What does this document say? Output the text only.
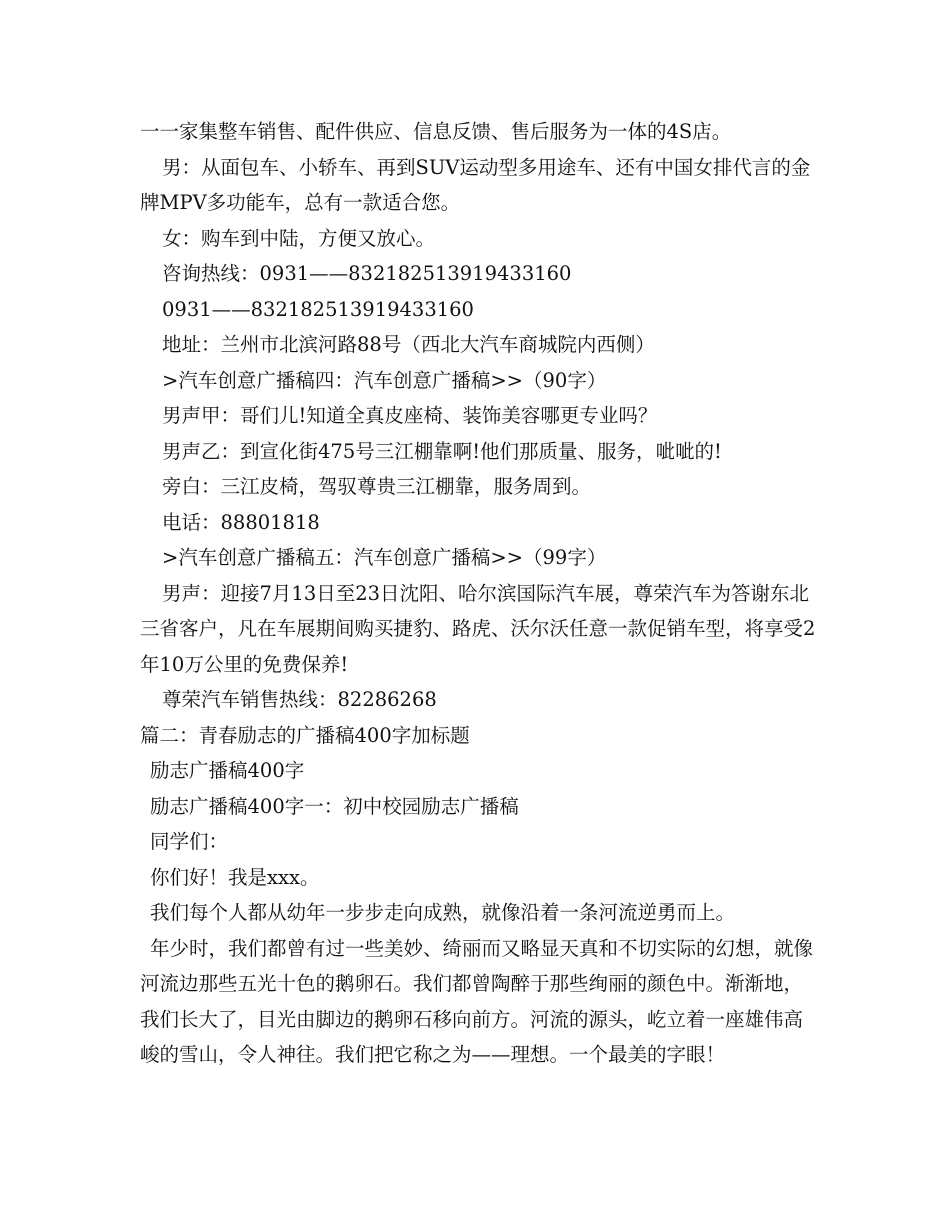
一一家集整车销售、配件供应、信息反馈、售后服务为一体的4S店。

男：从面包车、小轿车、再到SUV运动型多用途车、还有中国女排代言的金牌MPV多功能车，总有一款适合您。

女：购车到中陆，方便又放心。

咨询热线：0931——832182513919433160

0931——832182513919433160

地址：兰州市北滨河路88号（西北大汽车商城院内西侧）

>汽车创意广播稿四：汽车创意广播稿>>（90字）

男声甲：哥们儿!知道全真皮座椅、装饰美容哪更专业吗？

男声乙：到宣化街475号三江棚靠啊!他们那质量、服务，呲呲的!

旁白：三江皮椅，驾驭尊贵三江棚靠，服务周到。

电话：88801818

>汽车创意广播稿五：汽车创意广播稿>>（99字）

男声：迎接7月13日至23日沈阳、哈尔滨国际汽车展，尊荣汽车为答谢东北三省客户，凡在车展期间购买捷豹、路虎、沃尔沃任意一款促销车型，将享受2年10万公里的免费保养!

尊荣汽车销售热线：82286268

篇二：青春励志的广播稿400字加标题

励志广播稿400字

励志广播稿400字一：初中校园励志广播稿

同学们：

你们好！我是xxx。

我们每个人都从幼年一步步走向成熟，就像沿着一条河流逆勇而上。

年少时，我们都曾有过一些美妙、绮丽而又略显天真和不切实际的幻想，就像河流边那些五光十色的鹅卵石。我们都曾陶醉于那些绚丽的颜色中。渐渐地，我们长大了，目光由脚边的鹅卵石移向前方。河流的源头，屹立着一座雄伟高峻的雪山，令人神往。我们把它称之为——理想。一个最美的字眼！
